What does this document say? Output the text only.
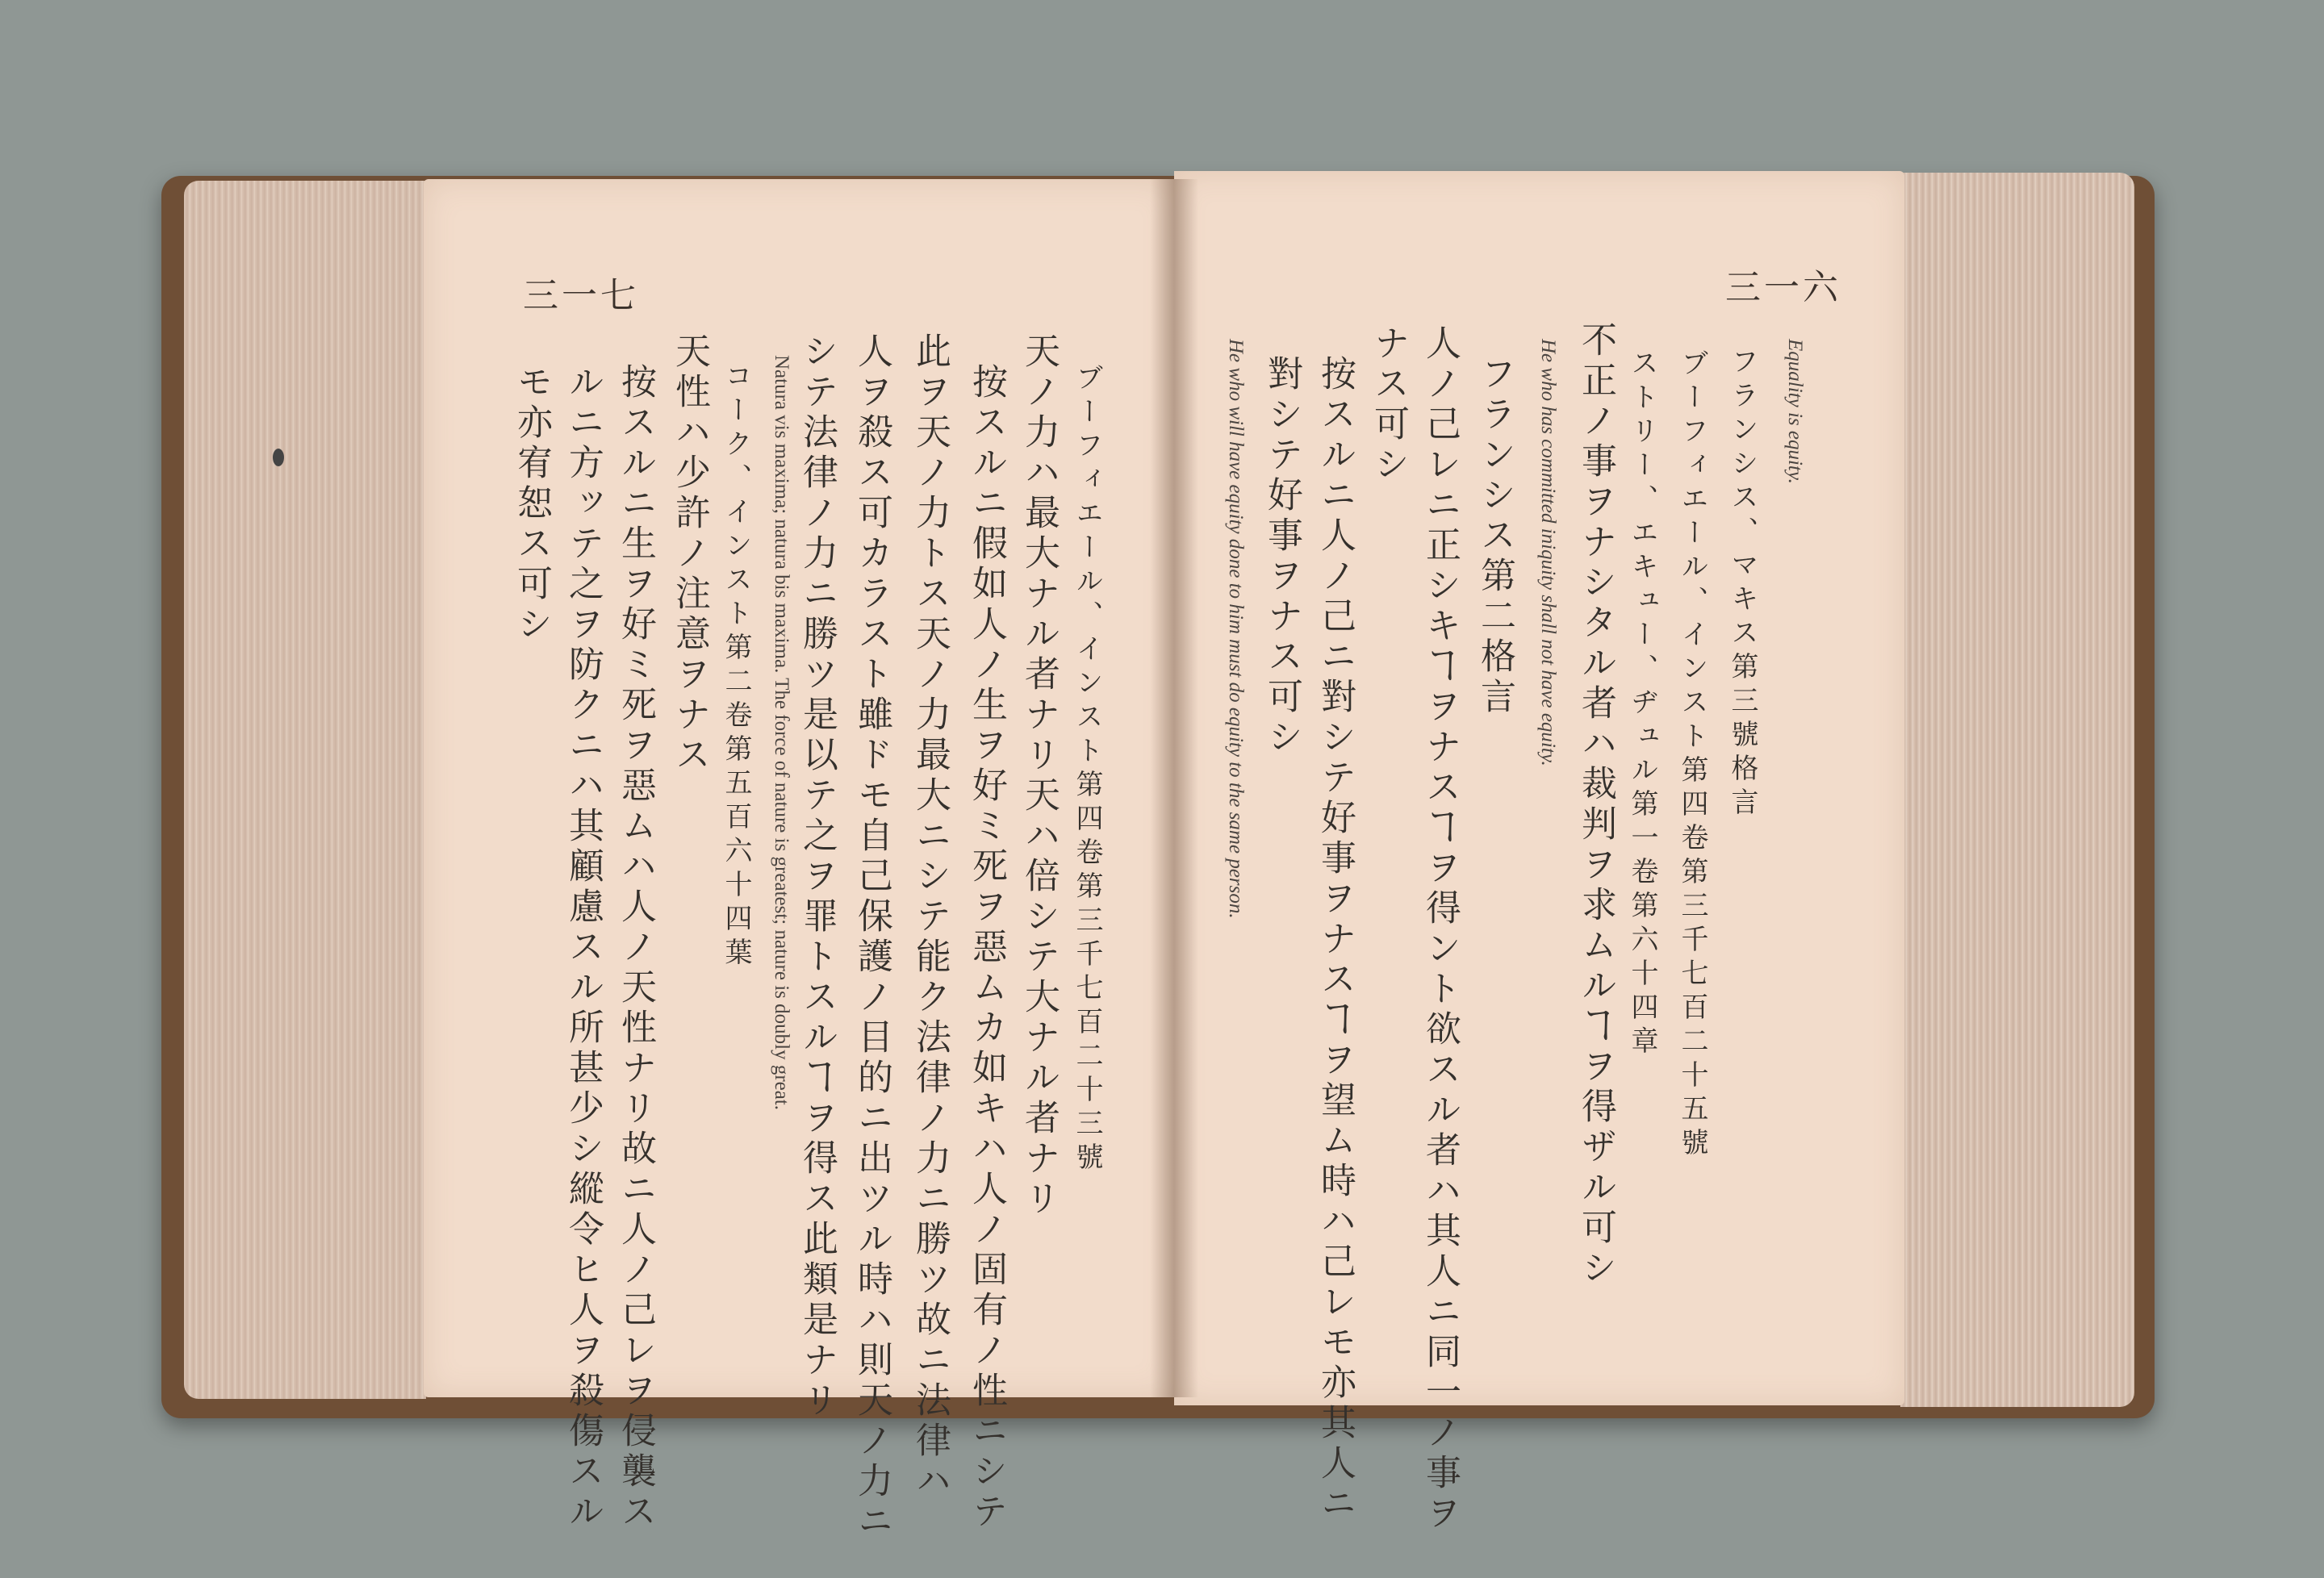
三一七
ブーフィエール、インスト第四卷第三千七百二十三號
天ノ力ハ最大ナル者ナリ天ハ倍シテ大ナル者ナリ
按スルニ假如人ノ生ヲ好ミ死ヲ惡ムカ如キハ人ノ固有ノ性ニシテ
此ヲ天ノ力トス天ノ力最大ニシテ能ク法律ノ力ニ勝ツ故ニ法律ハ
人ヲ殺ス可カラスト雖ドモ自己保護ノ目的ニ出ツル時ハ則天ノ力ニ
シテ法律ノ力ニ勝ツ是以テ之ヲ罪トスルヿヲ得ス此類是ナリ
Natura vis maxima; natura bis maxima. The force of nature is greatest; nature is doubly great.
コーク、インスト第二卷第五百六十四葉
天性ハ少許ノ注意ヲナス
按スルニ生ヲ好ミ死ヲ惡ムハ人ノ天性ナリ故ニ人ノ己レヲ侵襲ス
ルニ方ッテ之ヲ防クニハ其顧慮スル所甚少シ縱令ヒ人ヲ殺傷スル
モ亦宥恕ス可シ
三一六
Equality is equity.
フランシス、マキス第三號格言
ブーフィエール、インスト第四卷第三千七百二十五號
ストリー、エキュー、ヂュル第一卷第六十四章
不正ノ事ヲナシタル者ハ裁判ヲ求ムルヿヲ得ザル可シ
He who has committed iniquity shall not have equity.
フランシス第二格言
人ノ己レニ正シキヿヲナスヿヲ得ント欲スル者ハ其人ニ同一ノ事ヲ
ナス可シ
按スルニ人ノ己ニ對シテ好事ヲナスヿヲ望ム時ハ己レモ亦其人ニ
對シテ好事ヲナス可シ
He who will have equity done to him must do equity to the same person.
